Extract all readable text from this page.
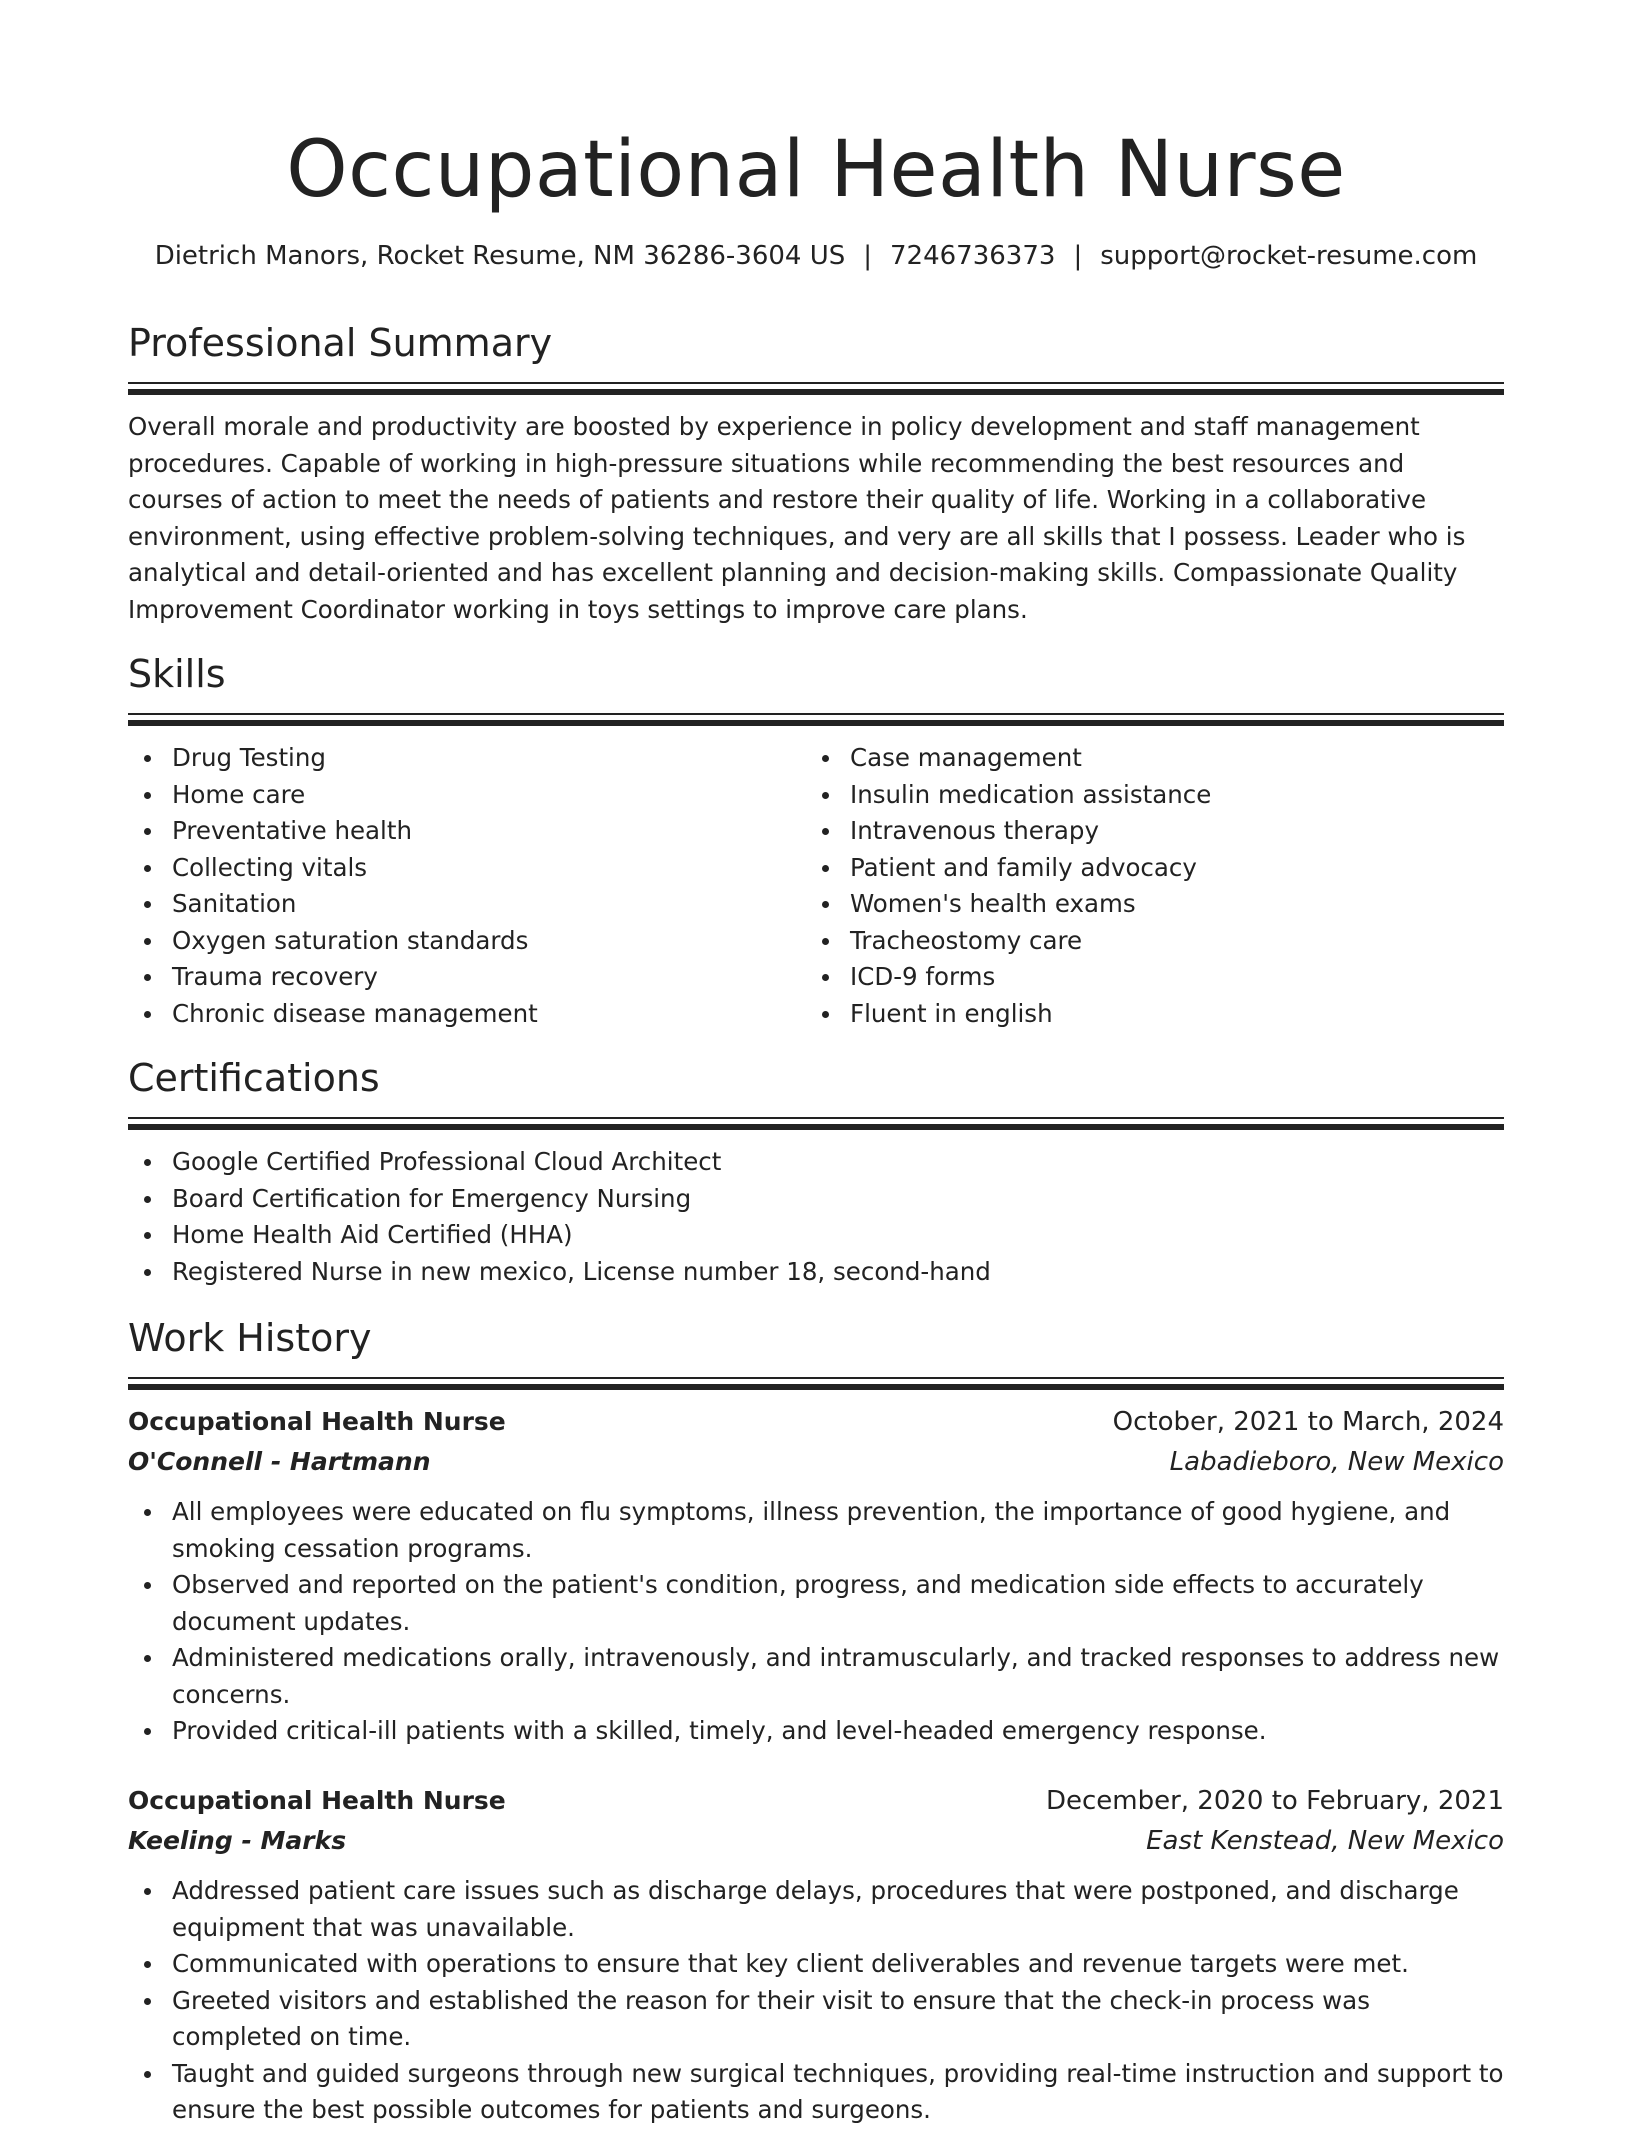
Occupational Health Nurse
Dietrich Manors, Rocket Resume, NM 36286-3604 US | 7246736373 | support@rocket-resume.com
Professional Summary
Overall morale and productivity are boosted by experience in policy development and staff management procedures. Capable of working in high-pressure situations while recommending the best resources and courses of action to meet the needs of patients and restore their quality of life. Working in a collaborative environment, using effective problem-solving techniques, and very are all skills that I possess. Leader who is analytical and detail-oriented and has excellent planning and decision-making skills. Compassionate Quality Improvement Coordinator working in toys settings to improve care plans.
Skills
Drug Testing
Home care
Preventative health
Collecting vitals
Sanitation
Oxygen saturation standards
Trauma recovery
Chronic disease management
Case management
Insulin medication assistance
Intravenous therapy
Patient and family advocacy
Women's health exams
Tracheostomy care
ICD-9 forms
Fluent in english
Certifications
Google Certified Professional Cloud Architect
Board Certification for Emergency Nursing
Home Health Aid Certified (HHA)
Registered Nurse in new mexico, License number 18, second-hand
Work History
Occupational Health Nurse	October, 2021 to March, 2024
O'Connell - Hartmann	Labadieboro, New Mexico
All employees were educated on flu symptoms, illness prevention, the importance of good hygiene, and smoking cessation programs.
Observed and reported on the patient's condition, progress, and medication side effects to accurately document updates.
Administered medications orally, intravenously, and intramuscularly, and tracked responses to address new concerns.
Provided critical-ill patients with a skilled, timely, and level-headed emergency response.
Occupational Health Nurse	December, 2020 to February, 2021
Keeling - Marks	East Kenstead, New Mexico
Addressed patient care issues such as discharge delays, procedures that were postponed, and discharge equipment that was unavailable.
Communicated with operations to ensure that key client deliverables and revenue targets were met.
Greeted visitors and established the reason for their visit to ensure that the check-in process was completed on time.
Taught and guided surgeons through new surgical techniques, providing real-time instruction and support to ensure the best possible outcomes for patients and surgeons.
